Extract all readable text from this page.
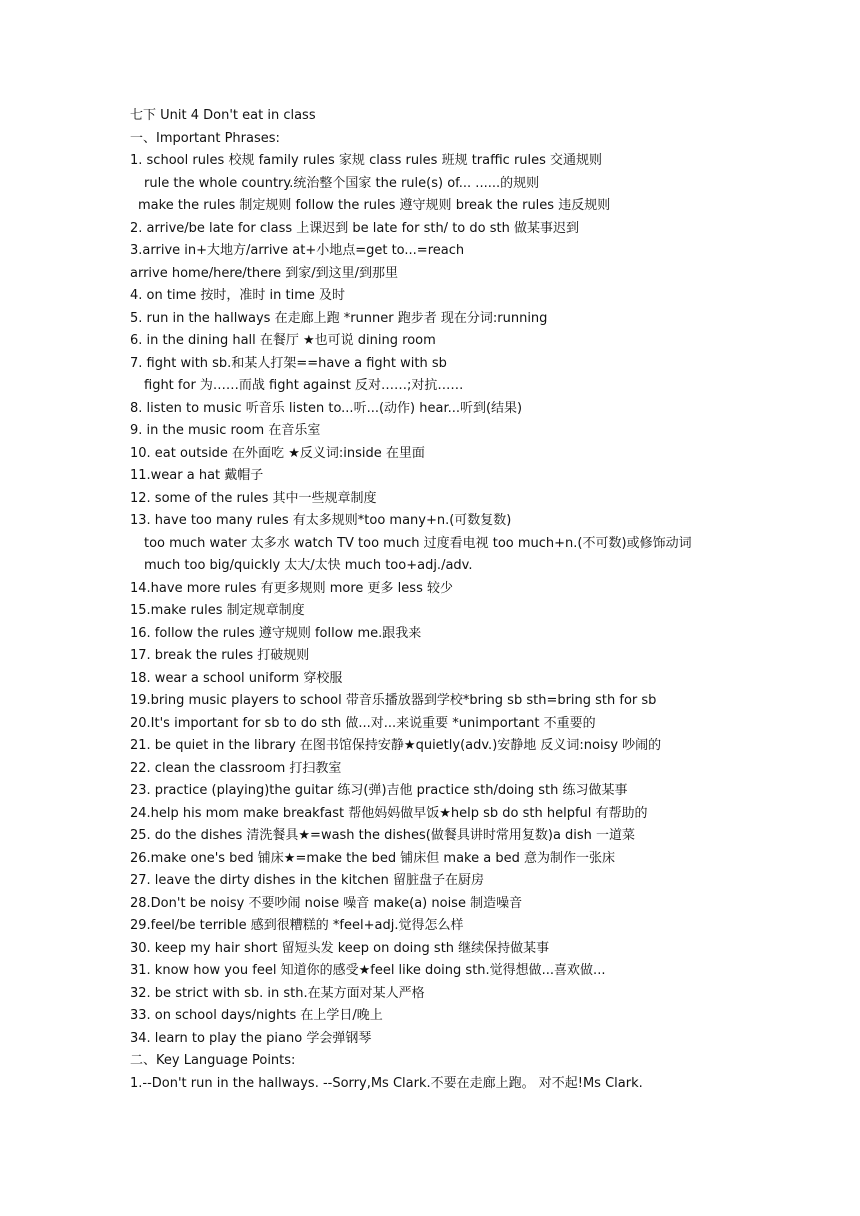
七下 Unit 4 Don't eat in class
一、Important Phrases:
1. school rules 校规 family rules 家规 class rules 班规 traffic rules 交通规则
rule the whole country.统治整个国家 the rule(s) of... ......的规则
make the rules 制定规则 follow the rules 遵守规则 break the rules 违反规则
2. arrive/be late for class 上课迟到 be late for sth/ to do sth 做某事迟到
3.arrive in+大地方/arrive at+小地点=get to...=reach
arrive home/here/there 到家/到这里/到那里
4. on time 按时，准时 in time 及时
5. run in the hallways 在走廊上跑 *runner 跑步者 现在分词:running
6. in the dining hall 在餐厅 ★也可说 dining room
7. fight with sb.和某人打架==have a fight with sb
fight for 为……而战 fight against 反对……;对抗……
8. listen to music 听音乐 listen to...听...(动作) hear...听到(结果)
9. in the music room 在音乐室
10. eat outside 在外面吃 ★反义词:inside 在里面
11.wear a hat 戴帽子
12. some of the rules 其中一些规章制度
13. have too many rules 有太多规则*too many+n.(可数复数)
too much water 太多水 watch TV too much 过度看电视 too much+n.(不可数)或修饰动词
much too big/quickly 太大/太快 much too+adj./adv.
14.have more rules 有更多规则 more 更多 less 较少
15.make rules 制定规章制度
16. follow the rules 遵守规则 follow me.跟我来
17. break the rules 打破规则
18. wear a school uniform 穿校服
19.bring music players to school 带音乐播放器到学校*bring sb sth=bring sth for sb
20.It's important for sb to do sth 做...对...来说重要 *unimportant 不重要的
21. be quiet in the library 在图书馆保持安静★quietly(adv.)安静地 反义词:noisy 吵闹的
22. clean the classroom 打扫教室
23. practice (playing)the guitar 练习(弹)吉他 practice sth/doing sth 练习做某事
24.help his mom make breakfast 帮他妈妈做早饭★help sb do sth helpful 有帮助的
25. do the dishes 清洗餐具★=wash the dishes(做餐具讲时常用复数)a dish 一道菜
26.make one's bed 铺床★=make the bed 铺床但 make a bed 意为制作一张床
27. leave the dirty dishes in the kitchen 留脏盘子在厨房
28.Don't be noisy 不要吵闹 noise 噪音 make(a) noise 制造噪音
29.feel/be terrible 感到很糟糕的 *feel+adj.觉得怎么样
30. keep my hair short 留短头发 keep on doing sth 继续保持做某事
31. know how you feel 知道你的感受★feel like doing sth.觉得想做...喜欢做...
32. be strict with sb. in sth.在某方面对某人严格
33. on school days/nights 在上学日/晚上
34. learn to play the piano 学会弹钢琴
二、Key Language Points:
1.--Don't run in the hallways. --Sorry,Ms Clark.不要在走廊上跑。 对不起!Ms Clark.
